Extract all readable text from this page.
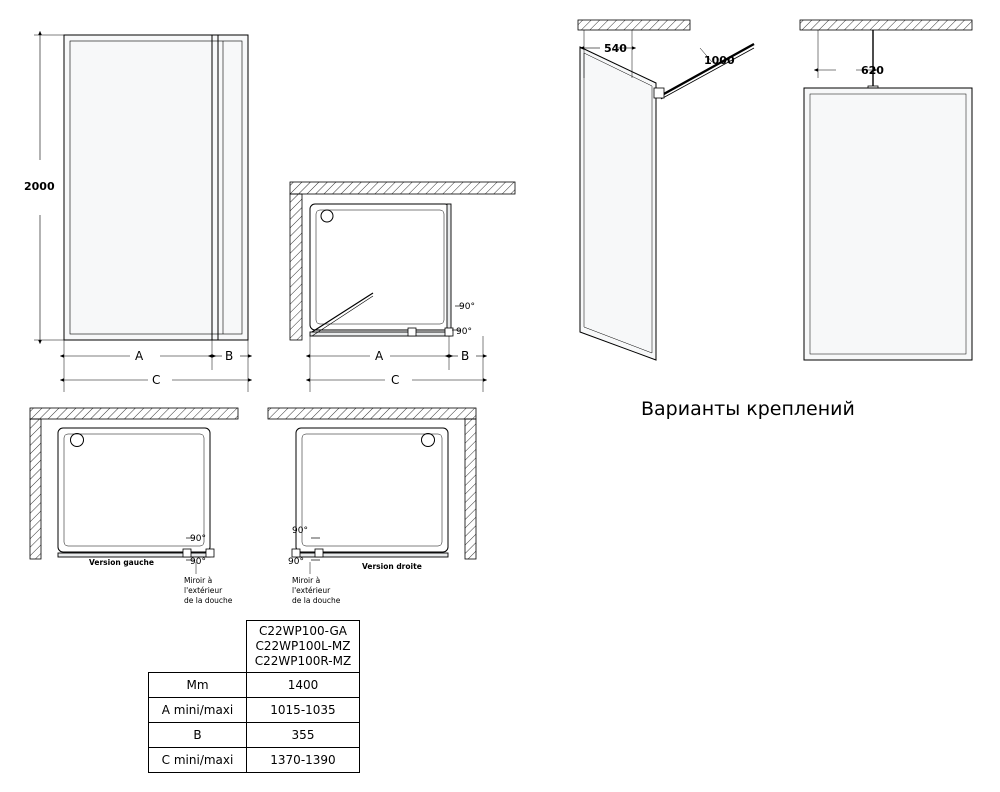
2000
A	B
C
A	B
C
90°
90°
540
1000
620
Варианты креплений
90°
90°
90°
90°
Version gauche	Version droite
Miroir à
l'extérieur
de la douche
Miroir à
l'extérieur
de la douche

	C22WP100-GA
C22WP100L-MZ
C22WP100R-MZ

Mm	1400
A mini/maxi	1015-1035
B	355
C mini/maxi	1370-1390
